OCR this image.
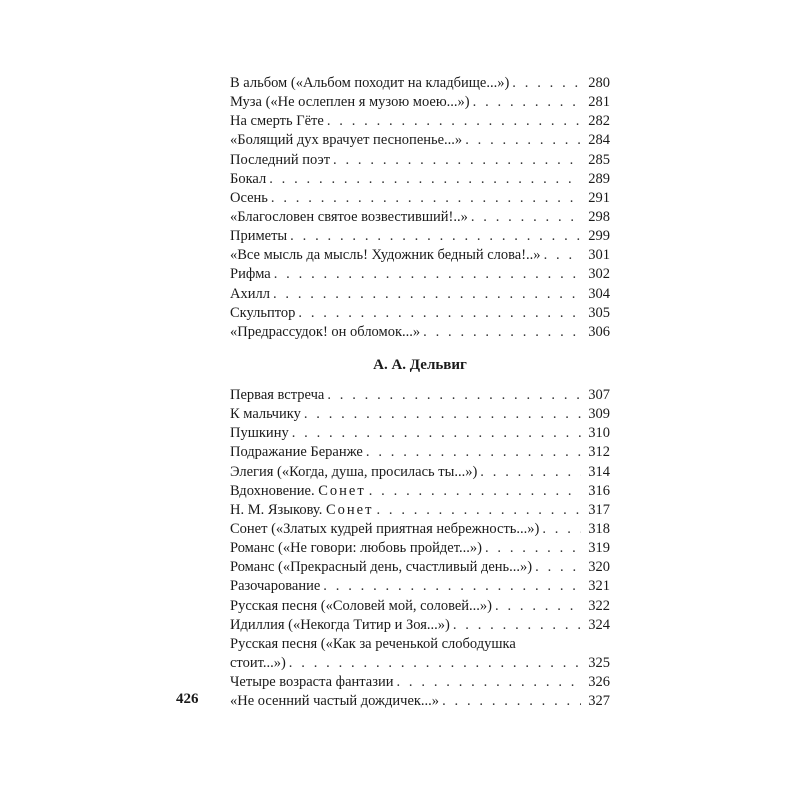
В альбом («Альбом походит на кладбище...») . . .	280
Муза («Не ослеплен я музою моею...») . . .	281
На смерть Гёте . . .	282
«Болящий дух врачует песнопенье...» . . .	284
Последний поэт . . .	285
Бокал . . .	289
Осень . . .	291
«Благословен святое возвестивший!..» . . .	298
Приметы . . .	299
«Все мысль да мысль! Художник бедный слова!..» . . .	301
Рифма . . .	302
Ахилл . . .	304
Скульптор . . .	305
«Предрассудок! он обломок...» . . .	306
А. А. Дельвиг
Первая встреча . . .	307
К мальчику . . .	309
Пушкину . . .	310
Подражание Беранже . . .	312
Элегия («Когда, душа, просилась ты...») . . .	314
Вдохновение. Сонет . . .	316
Н. М. Языкову. Сонет . . .	317
Сонет («Златых кудрей приятная небрежность...») . . .	318
Романс («Не говори: любовь пройдет...») . . .	319
Романс («Прекрасный день, счастливый день...») . . .	320
Разочарование . . .	321
Русская песня («Соловей мой, соловей...») . . .	322
Идиллия («Некогда Титир и Зоя...») . . .	324
Русская песня («Как за реченькой слободушка
стоит...») . . .	325
Четыре возраста фантазии . . .	326
«Не осенний частый дождичек...» . . .	327
426
